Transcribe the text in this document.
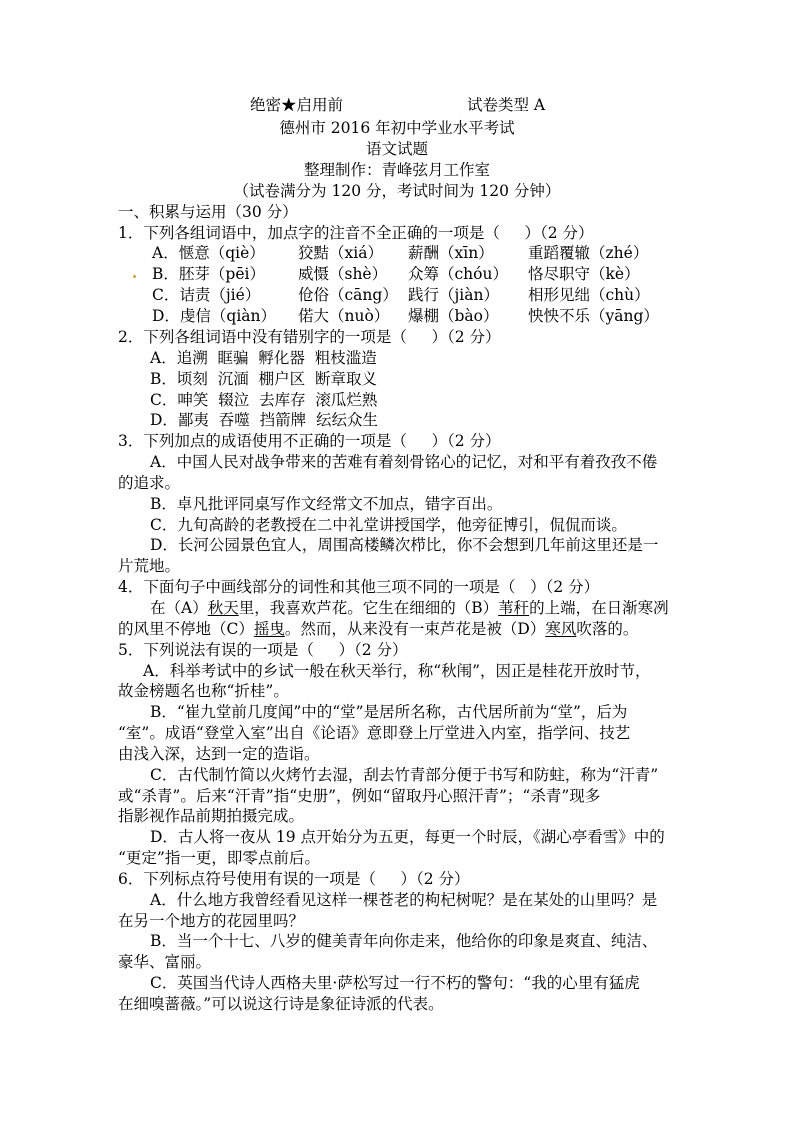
绝密★启用前	试卷类型 A
德州市 2016 年初中学业水平考试
语文试题
整理制作：青峰弦月工作室
（试卷满分为 120 分，考试时间为 120 分钟）
一、积累与运用（30 分）
1．下列各组词语中，加点字的注音不全正确的一项是（     ）（2 分）
A．惬意（qiè） 狡黠（xiá） 薪酬（xīn） 重蹈覆辙（zhé）
B．胚芽（pēi） 威慑（shè） 众筹（chóu） 恪尽职守（kè）
C．诘责（jié） 伧俗（cāng） 践行（jiàn） 相形见绌（chù）
D．虔信（qiàn） 偌大（nuò） 爆棚（bào） 怏怏不乐（yāng）
2．下列各组词语中没有错别字的一项是（     ）（2 分）
A．追溯  眶骗  孵化器  粗枝滥造
B．顷刻  沉湎  棚户区  断章取义
C．呻笑  辍泣  去库存  滚瓜烂熟
D．鄙夷  吞噬  挡箭牌  纭纭众生
3．下列加点的成语使用不正确的一项是（     ）（2 分）
A．中国人民对战争带来的苦难有着刻骨铭心的记忆，对和平有着孜孜不倦
的追求。
B．卓凡批评同桌写作文经常文不加点，错字百出。
C．九旬高龄的老教授在二中礼堂讲授国学，他旁征博引，侃侃而谈。
D．长河公园景色宜人，周围高楼鳞次栉比，你不会想到几年前这里还是一
片荒地。
4．下面句子中画线部分的词性和其他三项不同的一项是（   ）（2 分）
在（A）秋天里，我喜欢芦花。它生在细细的（B）苇秆的上端，在日渐寒冽
的风里不停地（C）摇曳。然而，从来没有一束芦花是被（D）寒风吹落的。
5．下列说法有误的一项是（     ）（2 分）
A．科举考试中的乡试一般在秋天举行，称“秋闱”，因正是桂花开放时节，
故金榜题名也称“折桂”。
B．“崔九堂前几度闻”中的“堂”是居所名称，古代居所前为“堂”，后为
“室”。成语“登堂入室”出自《论语》意即登上厅堂进入内室，指学问、技艺
由浅入深，达到一定的造诣。
C．古代制竹简以火烤竹去湿，刮去竹青部分便于书写和防蛀，称为“汗青”
或“杀青”。后来“汗青”指“史册”，例如“留取丹心照汗青”；“杀青”现多
指影视作品前期拍摄完成。
D．古人将一夜从 19 点开始分为五更，每更一个时辰，《湖心亭看雪》中的
“更定”指一更，即零点前后。
6．下列标点符号使用有误的一项是（     ）（2 分）
A．什么地方我曾经看见这样一棵苍老的枸杞树呢？是在某处的山里吗？是
在另一个地方的花园里吗？
B．当一个十七、八岁的健美青年向你走来，他给你的印象是爽直、纯洁、
豪华、富丽。
C．英国当代诗人西格夫里·萨松写过一行不朽的警句：“我的心里有猛虎
在细嗅蔷薇。”可以说这行诗是象征诗派的代表。
